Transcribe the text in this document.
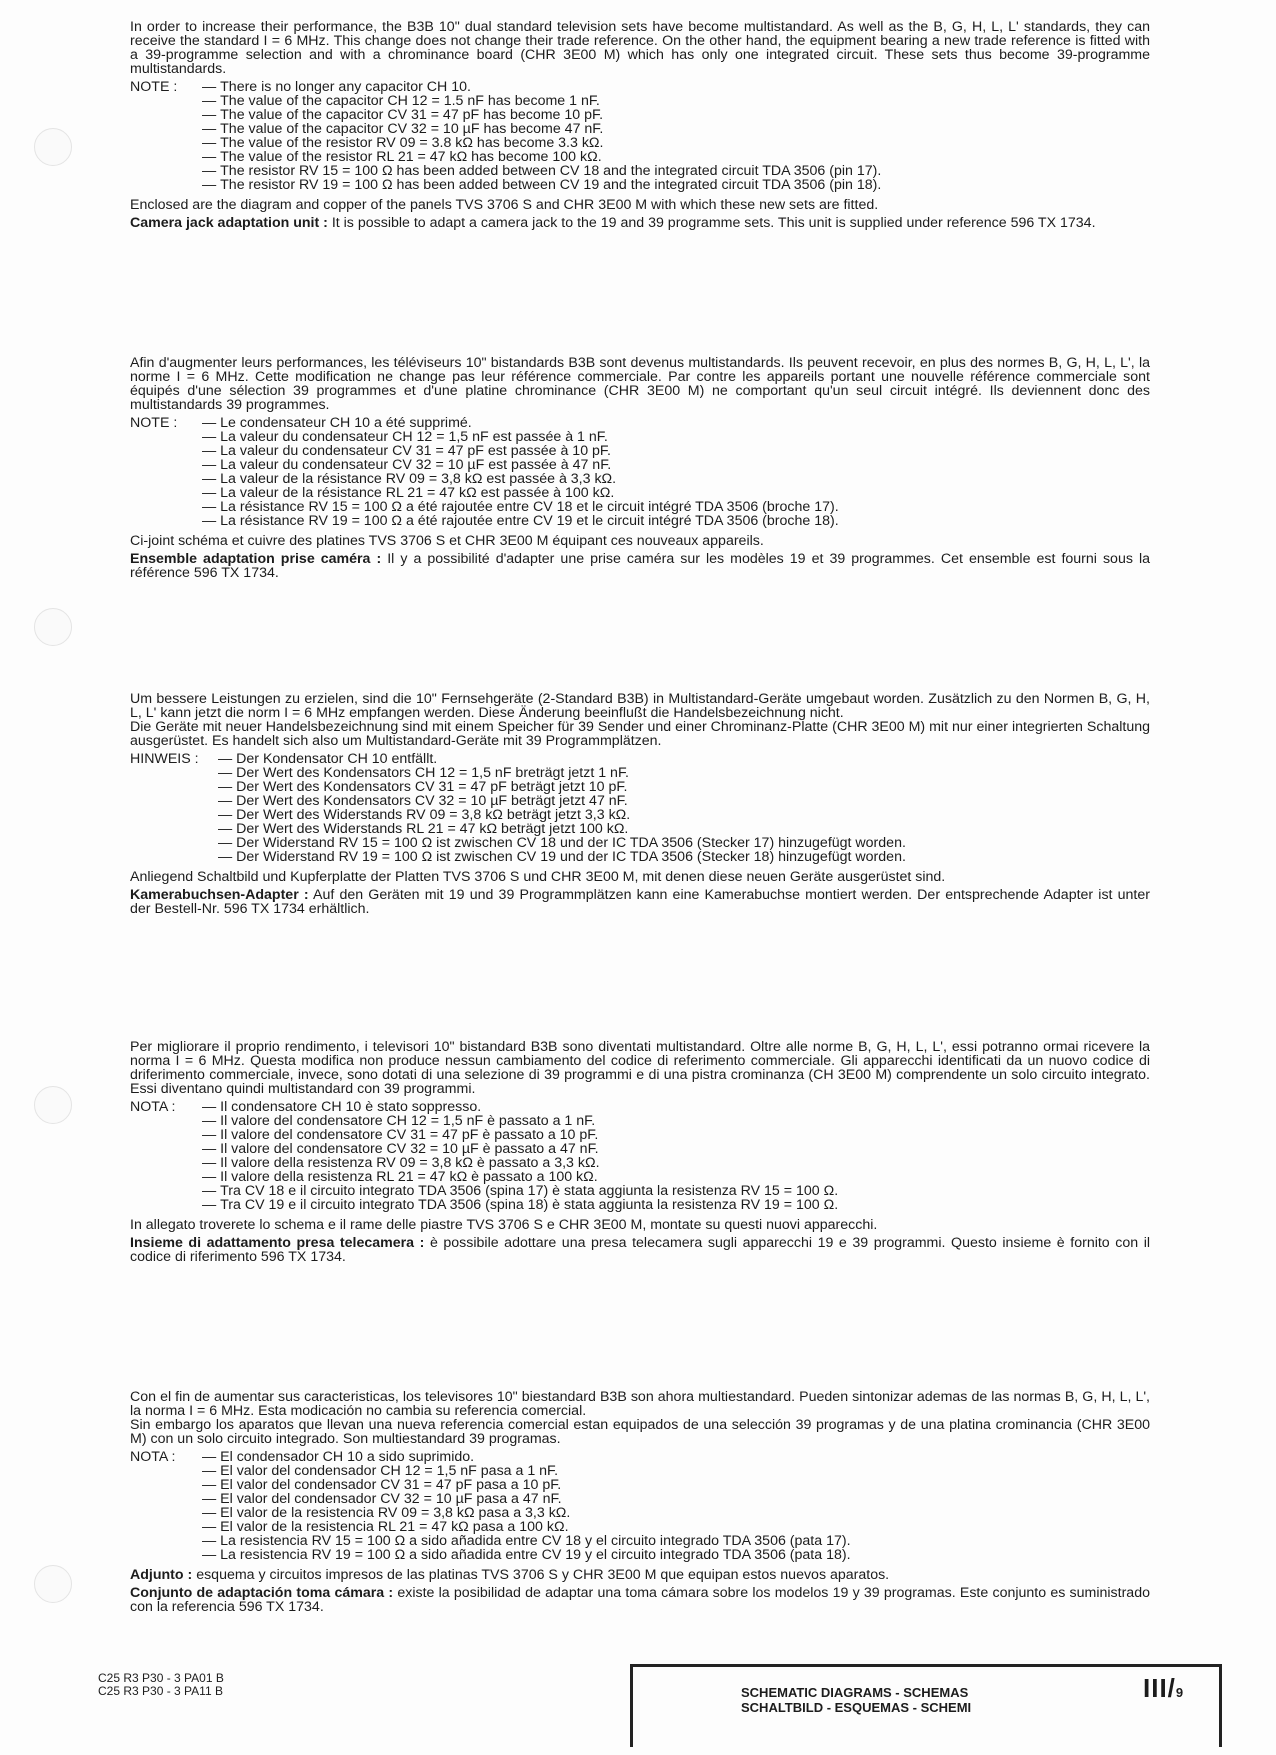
In order to increase their performance, the B3B 10" dual standard television sets have become multistandard. As well as the B, G, H, L, L' standards, they can receive the standard I = 6 MHz. This change does not change their trade reference. On the other hand, the equipment bearing a new trade reference is fitted with a 39-programme selection and with a chrominance board (CHR 3E00 M) which has only one integrated circuit. These sets thus become 39-programme multistandards.

NOTE :	— There is no longer any capacitor CH 10.
— The value of the capacitor CH 12 = 1.5 nF has become 1 nF.
— The value of the capacitor CV 31 = 47 pF has become 10 pF.
— The value of the capacitor CV 32 = 10 µF has become 47 nF.
— The value of the resistor RV 09 = 3.8 kΩ has become 3.3 kΩ.
— The value of the resistor RL 21 = 47 kΩ has become 100 kΩ.
— The resistor RV 15 = 100 Ω has been added between CV 18 and the integrated circuit TDA 3506 (pin 17).
— The resistor RV 19 = 100 Ω has been added between CV 19 and the integrated circuit TDA 3506 (pin 18).

Enclosed are the diagram and copper of the panels TVS 3706 S and CHR 3E00 M with which these new sets are fitted.

Camera jack adaptation unit : It is possible to adapt a camera jack to the 19 and 39 programme sets. This unit is supplied under reference 596 TX 1734.

Afin d'augmenter leurs performances, les téléviseurs 10" bistandards B3B sont devenus multistandards. Ils peuvent recevoir, en plus des normes B, G, H, L, L', la norme I = 6 MHz. Cette modification ne change pas leur référence commerciale. Par contre les appareils portant une nouvelle référence commerciale sont équipés d'une sélection 39 programmes et d'une platine chrominance (CHR 3E00 M) ne comportant qu'un seul circuit intégré. Ils deviennent donc des multistandards 39 programmes.

NOTE :	— Le condensateur CH 10 a été supprimé.
— La valeur du condensateur CH 12 = 1,5 nF est passée à 1 nF.
— La valeur du condensateur CV 31 = 47 pF est passée à 10 pF.
— La valeur du condensateur CV 32 = 10 µF est passée à 47 nF.
— La valeur de la résistance RV 09 = 3,8 kΩ est passée à 3,3 kΩ.
— La valeur de la résistance RL 21 = 47 kΩ est passée à 100 kΩ.
— La résistance RV 15 = 100 Ω a été rajoutée entre CV 18 et le circuit intégré TDA 3506 (broche 17).
— La résistance RV 19 = 100 Ω a été rajoutée entre CV 19 et le circuit intégré TDA 3506 (broche 18).

Ci-joint schéma et cuivre des platines TVS 3706 S et CHR 3E00 M équipant ces nouveaux appareils.

Ensemble adaptation prise caméra : Il y a possibilité d'adapter une prise caméra sur les modèles 19 et 39 programmes. Cet ensemble est fourni sous la référence 596 TX 1734.

Um bessere Leistungen zu erzielen, sind die 10" Fernsehgeräte (2-Standard B3B) in Multistandard-Geräte umgebaut worden. Zusätzlich zu den Normen B, G, H, L, L' kann jetzt die norm I = 6 MHz empfangen werden. Diese Änderung beeinflußt die Handelsbezeichnung nicht.

Die Geräte mit neuer Handelsbezeichnung sind mit einem Speicher für 39 Sender und einer Chrominanz-Platte (CHR 3E00 M) mit nur einer integrierten Schaltung ausgerüstet. Es handelt sich also um Multistandard-Geräte mit 39 Programmplätzen.

HINWEIS :	— Der Kondensator CH 10 entfällt.
— Der Wert des Kondensators CH 12 = 1,5 nF breträgt jetzt 1 nF.
— Der Wert des Kondensators CV 31 = 47 pF beträgt jetzt 10 pF.
— Der Wert des Kondensators CV 32 = 10 µF beträgt jetzt 47 nF.
— Der Wert des Widerstands RV 09 = 3,8 kΩ beträgt jetzt 3,3 kΩ.
— Der Wert des Widerstands RL 21 = 47 kΩ beträgt jetzt 100 kΩ.
— Der Widerstand RV 15 = 100 Ω ist zwischen CV 18 und der IC TDA 3506 (Stecker 17) hinzugefügt worden.
— Der Widerstand RV 19 = 100 Ω ist zwischen CV 19 und der IC TDA 3506 (Stecker 18) hinzugefügt worden.

Anliegend Schaltbild und Kupferplatte der Platten TVS 3706 S und CHR 3E00 M, mit denen diese neuen Geräte ausgerüstet sind.

Kamerabuchsen-Adapter : Auf den Geräten mit 19 und 39 Programmplätzen kann eine Kamerabuchse montiert werden. Der entsprechende Adapter ist unter der Bestell-Nr. 596 TX 1734 erhältlich.

Per migliorare il proprio rendimento, i televisori 10" bistandard B3B sono diventati multistandard. Oltre alle norme B, G, H, L, L', essi potranno ormai ricevere la norma I = 6 MHz. Questa modifica non produce nessun cambiamento del codice di referimento commerciale. Gli apparecchi identificati da un nuovo codice di driferimento commerciale, invece, sono dotati di una selezione di 39 programmi e di una pistra crominanza (CH 3E00 M) comprendente un solo circuito integrato. Essi diventano quindi multistandard con 39 programmi.

NOTA :	— Il condensatore CH 10 è stato soppresso.
— Il valore del condensatore CH 12 = 1,5 nF è passato a 1 nF.
— Il valore del condensatore CV 31 = 47 pF è passato a 10 pF.
— Il valore del condensatore CV 32 = 10 µF è passato a 47 nF.
— Il valore della resistenza RV 09 = 3,8 kΩ è passato a 3,3 kΩ.
— Il valore della resistenza RL 21 = 47 kΩ è passato a 100 kΩ.
— Tra CV 18 e il circuito integrato TDA 3506 (spina 17) è stata aggiunta la resistenza RV 15 = 100 Ω.
— Tra CV 19 e il circuito integrato TDA 3506 (spina 18) è stata aggiunta la resistenza RV 19 = 100 Ω.

In allegato troverete lo schema e il rame delle piastre TVS 3706 S e CHR 3E00 M, montate su questi nuovi apparecchi.

Insieme di adattamento presa telecamera : è possibile adottare una presa telecamera sugli apparecchi 19 e 39 programmi. Questo insieme è fornito con il codice di riferimento 596 TX 1734.

Con el fin de aumentar sus caracteristicas, los televisores 10" biestandard B3B son ahora multiestandard. Pueden sintonizar ademas de las normas B, G, H, L, L', la norma I = 6 MHz. Esta modicación no cambia su referencia comercial.

Sin embargo los aparatos que llevan una nueva referencia comercial estan equipados de una selección 39 programas y de una platina crominancia (CHR 3E00 M) con un solo circuito integrado. Son multiestandard 39 programas.

NOTA :	— El condensador CH 10 a sido suprimido.
— El valor del condensador CH 12 = 1,5 nF pasa a 1 nF.
— El valor del condensador CV 31 = 47 pF pasa a 10 pF.
— El valor del condensador CV 32 = 10 µF pasa a 47 nF.
— El valor de la resistencia RV 09 = 3,8 kΩ pasa a 3,3 kΩ.
— El valor de la resistencia RL 21 = 47 kΩ pasa a 100 kΩ.
— La resistencia RV 15 = 100 Ω a sido añadida entre CV 18 y el circuito integrado TDA 3506 (pata 17).
— La resistencia RV 19 = 100 Ω a sido añadida entre CV 19 y el circuito integrado TDA 3506 (pata 18).

Adjunto : esquema y circuitos impresos de las platinas TVS 3706 S y CHR 3E00 M que equipan estos nuevos aparatos.

Conjunto de adaptación toma cámara : existe la posibilidad de adaptar una toma cámara sobre los modelos 19 y 39 programas. Este conjunto es suministrado con la referencia 596 TX 1734.

C25 R3 P30 - 3 PA01 B
C25 R3 P30 - 3 PA11 B	SCHEMATIC DIAGRAMS - SCHEMAS
SCHALTBILD - ESQUEMAS - SCHEMI
III/9
